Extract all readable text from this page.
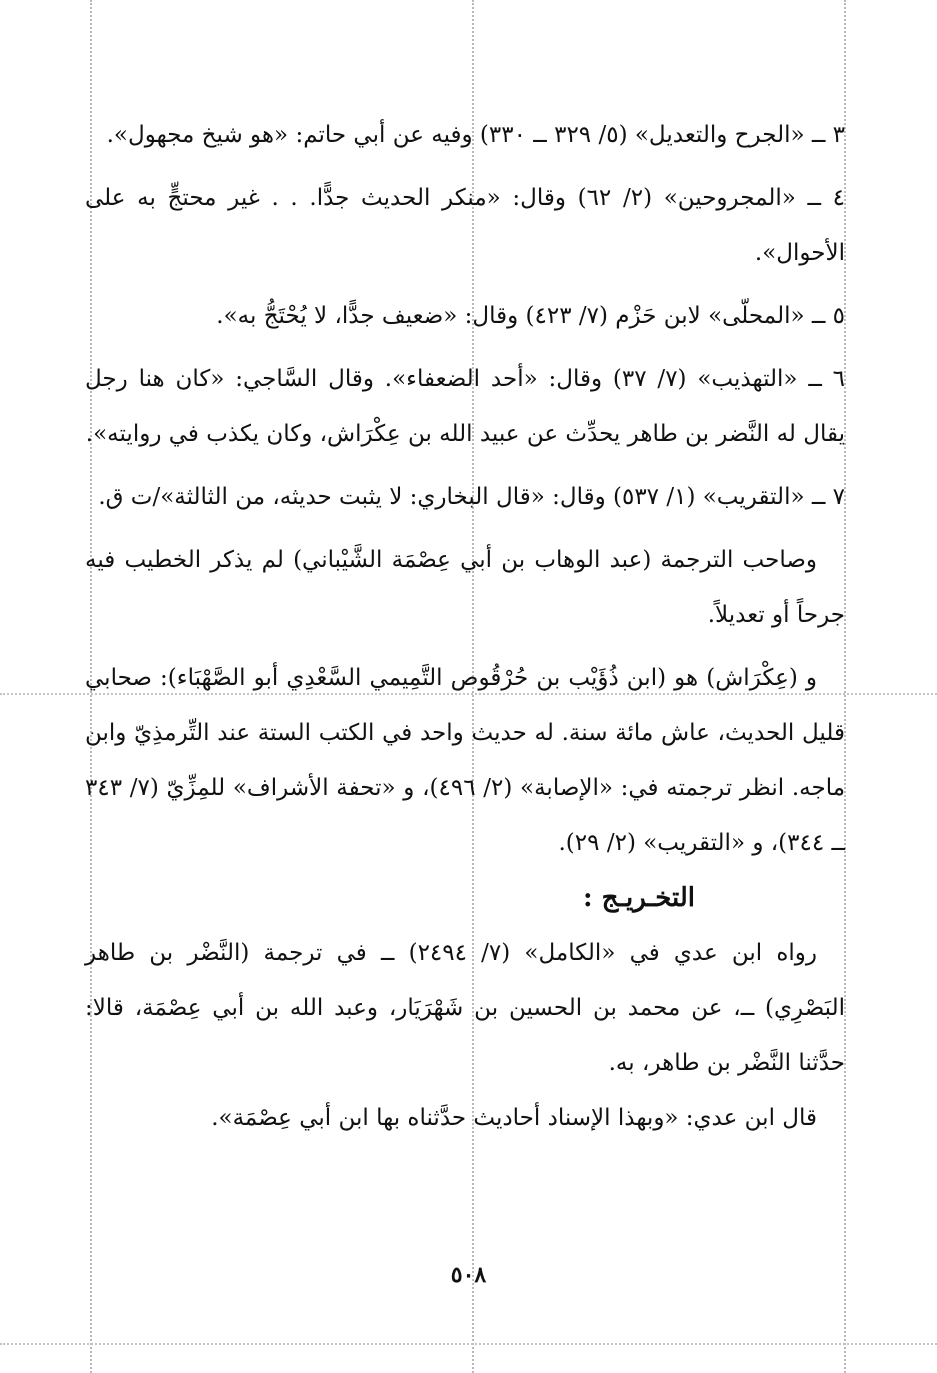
٣ ــ «الجرح والتعديل» (٥/ ٣٢٩ ــ ٣٣٠) وفيه عن أبي حاتم: «هو شيخ مجهول».

٤ ــ «المجروحين» (٢/ ٦٢) وقال: «منكر الحديث جدًّا. . . غير محتجٍّ به على الأحوال».

٥ ــ «المحلّى» لابن حَزْم (٧/ ٤٢٣) وقال: «ضعيف جدًّا، لا يُحْتَجُّ به».

٦ ــ «التهذيب» (٧/ ٣٧) وقال: «أحد الضعفاء». وقال السَّاجي: «كان هنا رجل يقال له النَّضر بن طاهر يحدِّث عن عبيد الله بن عِكْرَاش، وكان يكذب في روايته».

٧ ــ «التقريب» (١/ ٥٣٧) وقال: «قال البخاري: لا يثبت حديثه، من الثالثة»/ت ق.

وصاحب الترجمة (عبد الوهاب بن أبي عِصْمَة الشَّيْباني) لم يذكر الخطيب فيه جرحاً أو تعديلاً.

و (عِكْرَاش) هو (ابن ذُؤَيْب بن حُرْقُوص التَّمِيمي السَّعْدِي أبو الصَّهْبَاء): صحابي قليل الحديث، عاش مائة سنة. له حديث واحد في الكتب الستة عند التِّرمذِيّ وابن ماجه. انظر ترجمته في: «الإصابة» (٢/ ٤٩٦)، و «تحفة الأشراف» للمِزِّيّ (٧/ ٣٤٣ ــ ٣٤٤)، و «التقريب» (٢/ ٢٩).

التخـريـج :

رواه ابن عدي في «الكامل» (٧/ ٢٤٩٤) ــ في ترجمة (النَّضْر بن طاهر البَصْرِي) ــ، عن محمد بن الحسين بن شَهْرَيَار، وعبد الله بن أبي عِصْمَة، قالا: حدَّثنا النَّضْر بن طاهر، به.

قال ابن عدي: «وبهذا الإسناد أحاديث حدَّثناه بها ابن أبي عِصْمَة».

٥٠٨
